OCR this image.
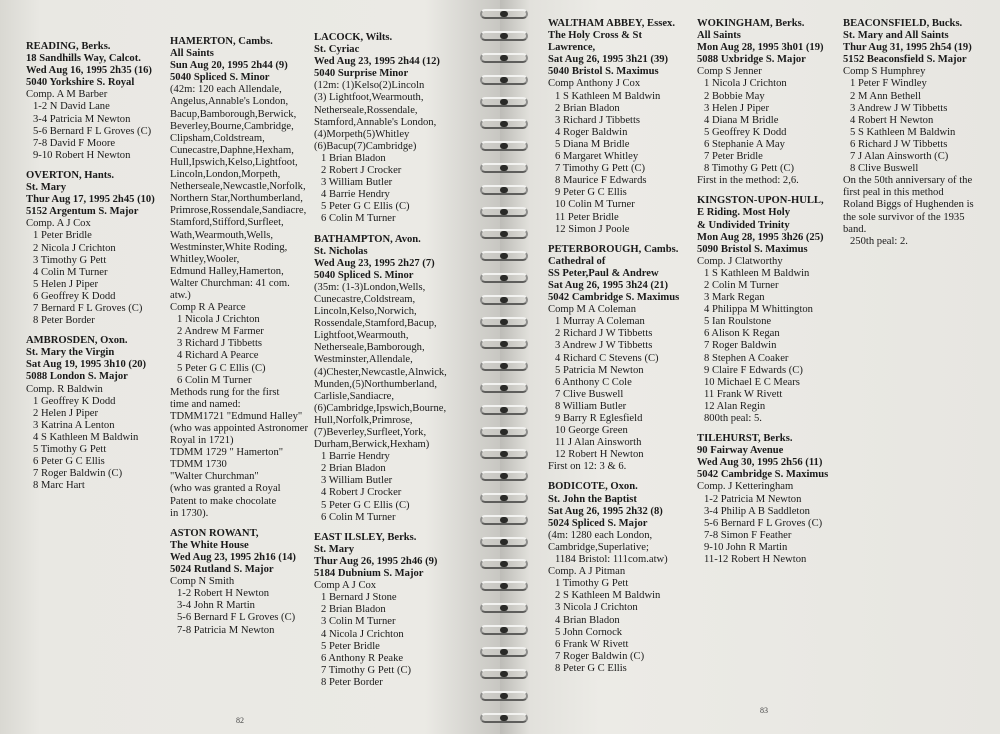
READING, Berks.
18 Sandhills Way, Calcot.
Wed Aug 16, 1995 2h35 (16)
5040 Yorkshire S. Royal
Comp. A M Barber
1-2 N David Lane
3-4 Patricia M Newton
5-6 Bernard F L Groves (C)
7-8 David F Moore
9-10 Robert H Newton
OVERTON, Hants.
St. Mary
Thur Aug 17, 1995 2h45 (10)
5152 Argentum S. Major
Comp. A J Cox
1 Peter Bridle
2 Nicola J Crichton
3 Timothy G Pett
4 Colin M Turner
5 Helen J Piper
6 Geoffrey K Dodd
7 Bernard F L Groves (C)
8 Peter Border
AMBROSDEN, Oxon.
St. Mary the Virgin
Sat Aug 19, 1995 3h10 (20)
5088 London S. Major
Comp. R Baldwin
1 Geoffrey K Dodd
2 Helen J Piper
3 Katrina A Lenton
4 S Kathleen M Baldwin
5 Timothy G Pett
6 Peter G C Ellis
7 Roger Baldwin (C)
8 Marc Hart
HAMERTON, Cambs.
All Saints
Sun Aug 20, 1995 2h44 (9)
5040 Spliced S. Minor
(42m: 120 each Allendale,
Angelus,Annable's London,
Bacup,Bamborough,Berwick,
Beverley,Bourne,Cambridge,
Clipsham,Coldstream,
Cunecastre,Daphne,Hexham,
Hull,Ipswich,Kelso,Lightfoot,
Lincoln,London,Morpeth,
Netherseale,Newcastle,Norfolk,
Northern Star,Northumberland,
Primrose,Rossendale,Sandiacre,
Stamford,Stifford,Surfleet,
Wath,Wearmouth,Wells,
Westminster,White Roding,
Whitley,Wooler,
Edmund Halley,Hamerton,
Walter Churchman: 41 com.
atw.)
Comp R A Pearce
1 Nicola J Crichton
2 Andrew M Farmer
3 Richard J Tibbetts
4 Richard A Pearce
5 Peter G C Ellis (C)
6 Colin M Turner
Methods rung for the first
time and named:
TDMM1721 "Edmund Halley"
(who was appointed Astronomer
Royal in 1721)
TDMM 1729 " Hamerton"
TDMM 1730
"Walter Churchman"
(who was granted a Royal
Patent to make chocolate
in 1730).
ASTON ROWANT,
The White House
Wed Aug 23, 1995 2h16 (14)
5024 Rutland S. Major
Comp N Smith
1-2 Robert H Newton
3-4 John R Martin
5-6 Bernard F L Groves (C)
7-8 Patricia M Newton
LACOCK, Wilts.
St. Cyriac
Wed Aug 23, 1995 2h44 (12)
5040 Surprise Minor
(12m: (1)Kelso(2)Lincoln
(3) Lightfoot,Wearmouth,
Netherseale,Rossendale,
Stamford,Annable's London,
(4)Morpeth(5)Whitley
(6)Bacup(7)Cambridge)
1 Brian Bladon
2 Robert J Crocker
3 William Butler
4 Barrie Hendry
5 Peter G C Ellis (C)
6 Colin M Turner
BATHAMPTON, Avon.
St. Nicholas
Wed Aug 23, 1995 2h27 (7)
5040 Spliced S. Minor
(35m: (1-3)London,Wells,
Cunecastre,Coldstream,
Lincoln,Kelso,Norwich,
Rossendale,Stamford,Bacup,
Lightfoot,Wearmouth,
Netherseale,Bamborough,
Westminster,Allendale,
(4)Chester,Newcastle,Alnwick,
Munden,(5)Northumberland,
Carlisle,Sandiacre,
(6)Cambridge,Ipswich,Bourne,
Hull,Norfolk,Primrose,
(7)Beverley,Surfleet,York,
Durham,Berwick,Hexham)
1 Barrie Hendry
2 Brian Bladon
3 William Butler
4 Robert J Crocker
5 Peter G C Ellis (C)
6 Colin M Turner
EAST ILSLEY, Berks.
St. Mary
Thur Aug 26, 1995 2h46 (9)
5184 Dubnium S. Major
Comp A J Cox
1 Bernard J Stone
2 Brian Bladon
3 Colin M Turner
4 Nicola J Crichton
5 Peter Bridle
6 Anthony R Peake
7 Timothy G Pett (C)
8 Peter Border
82
WALTHAM ABBEY, Essex.
The Holy Cross & St
Lawrence,
Sat Aug 26, 1995 3h21 (39)
5040 Bristol S. Maximus
Comp Anthony J Cox
1 S Kathleen M Baldwin
2 Brian Bladon
3 Richard J Tibbetts
4 Roger Baldwin
5 Diana M Bridle
6 Margaret Whitley
7 Timothy G Pett (C)
8 Maurice F Edwards
9 Peter G C Ellis
10 Colin M Turner
11 Peter Bridle
12 Simon J Poole
PETERBOROUGH, Cambs.
Cathedral of
SS Peter,Paul & Andrew
Sat Aug 26, 1995 3h24 (21)
5042 Cambridge S. Maximus
Comp M A Coleman
1 Murray A Coleman
2 Richard J W Tibbetts
3 Andrew J W Tibbetts
4 Richard C Stevens (C)
5 Patricia M Newton
6 Anthony C Cole
7 Clive Buswell
8 William Butler
9 Barry R Eglesfield
10 George Green
11 J Alan Ainsworth
12 Robert H Newton
First on 12: 3 & 6.
BODICOTE, Oxon.
St. John the Baptist
Sat Aug 26, 1995 2h32 (8)
5024 Spliced S. Major
(4m: 1280 each London,
Cambridge,Superlative;
1184 Bristol: 111com.atw)
Comp. A J Pitman
1 Timothy G Pett
2 S Kathleen M Baldwin
3 Nicola J Crichton
4 Brian Bladon
5 John Cornock
6 Frank W Rivett
7 Roger Baldwin (C)
8 Peter G C Ellis
WOKINGHAM, Berks.
All Saints
Mon Aug 28, 1995 3h01 (19)
5088 Uxbridge S. Major
Comp S Jenner
1 Nicola J Crichton
2 Bobbie May
3 Helen J Piper
4 Diana M Bridle
5 Geoffrey K Dodd
6 Stephanie A May
7 Peter Bridle
8 Timothy G Pett (C)
First in the method: 2,6.
KINGSTON-UPON-HULL,
E Riding. Most Holy
& Undivided Trinity
Mon Aug 28, 1995 3h26 (25)
5090 Bristol S. Maximus
Comp. J Clatworthy
1 S Kathleen M Baldwin
2 Colin M Turner
3 Mark Regan
4 Philippa M Whittington
5 Ian Roulstone
6 Alison K Regan
7 Roger Baldwin
8 Stephen A Coaker
9 Claire F Edwards (C)
10 Michael E C Mears
11 Frank W Rivett
12 Alan Regin
800th peal: 5.
TILEHURST, Berks.
90 Fairway Avenue
Wed Aug 30, 1995 2h56 (11)
5042 Cambridge S. Maximus
Comp. J Ketteringham
1-2 Patricia M Newton
3-4 Philip A B Saddleton
5-6 Bernard F L Groves (C)
7-8 Simon F Feather
9-10 John R Martin
11-12 Robert H Newton
BEACONSFIELD, Bucks.
St. Mary and All Saints
Thur Aug 31, 1995 2h54 (19)
5152 Beaconsfield S. Major
Comp S Humphrey
1 Peter F Windley
2 M Ann Bethell
3 Andrew J W Tibbetts
4 Robert H Newton
5 S Kathleen M Baldwin
6 Richard J W Tibbetts
7 J Alan Ainsworth (C)
8 Clive Buswell
On the 50th anniversary of the
first peal in this method
Roland Biggs of Hughenden is
the sole survivor of the 1935
band.
250th peal: 2.
83
